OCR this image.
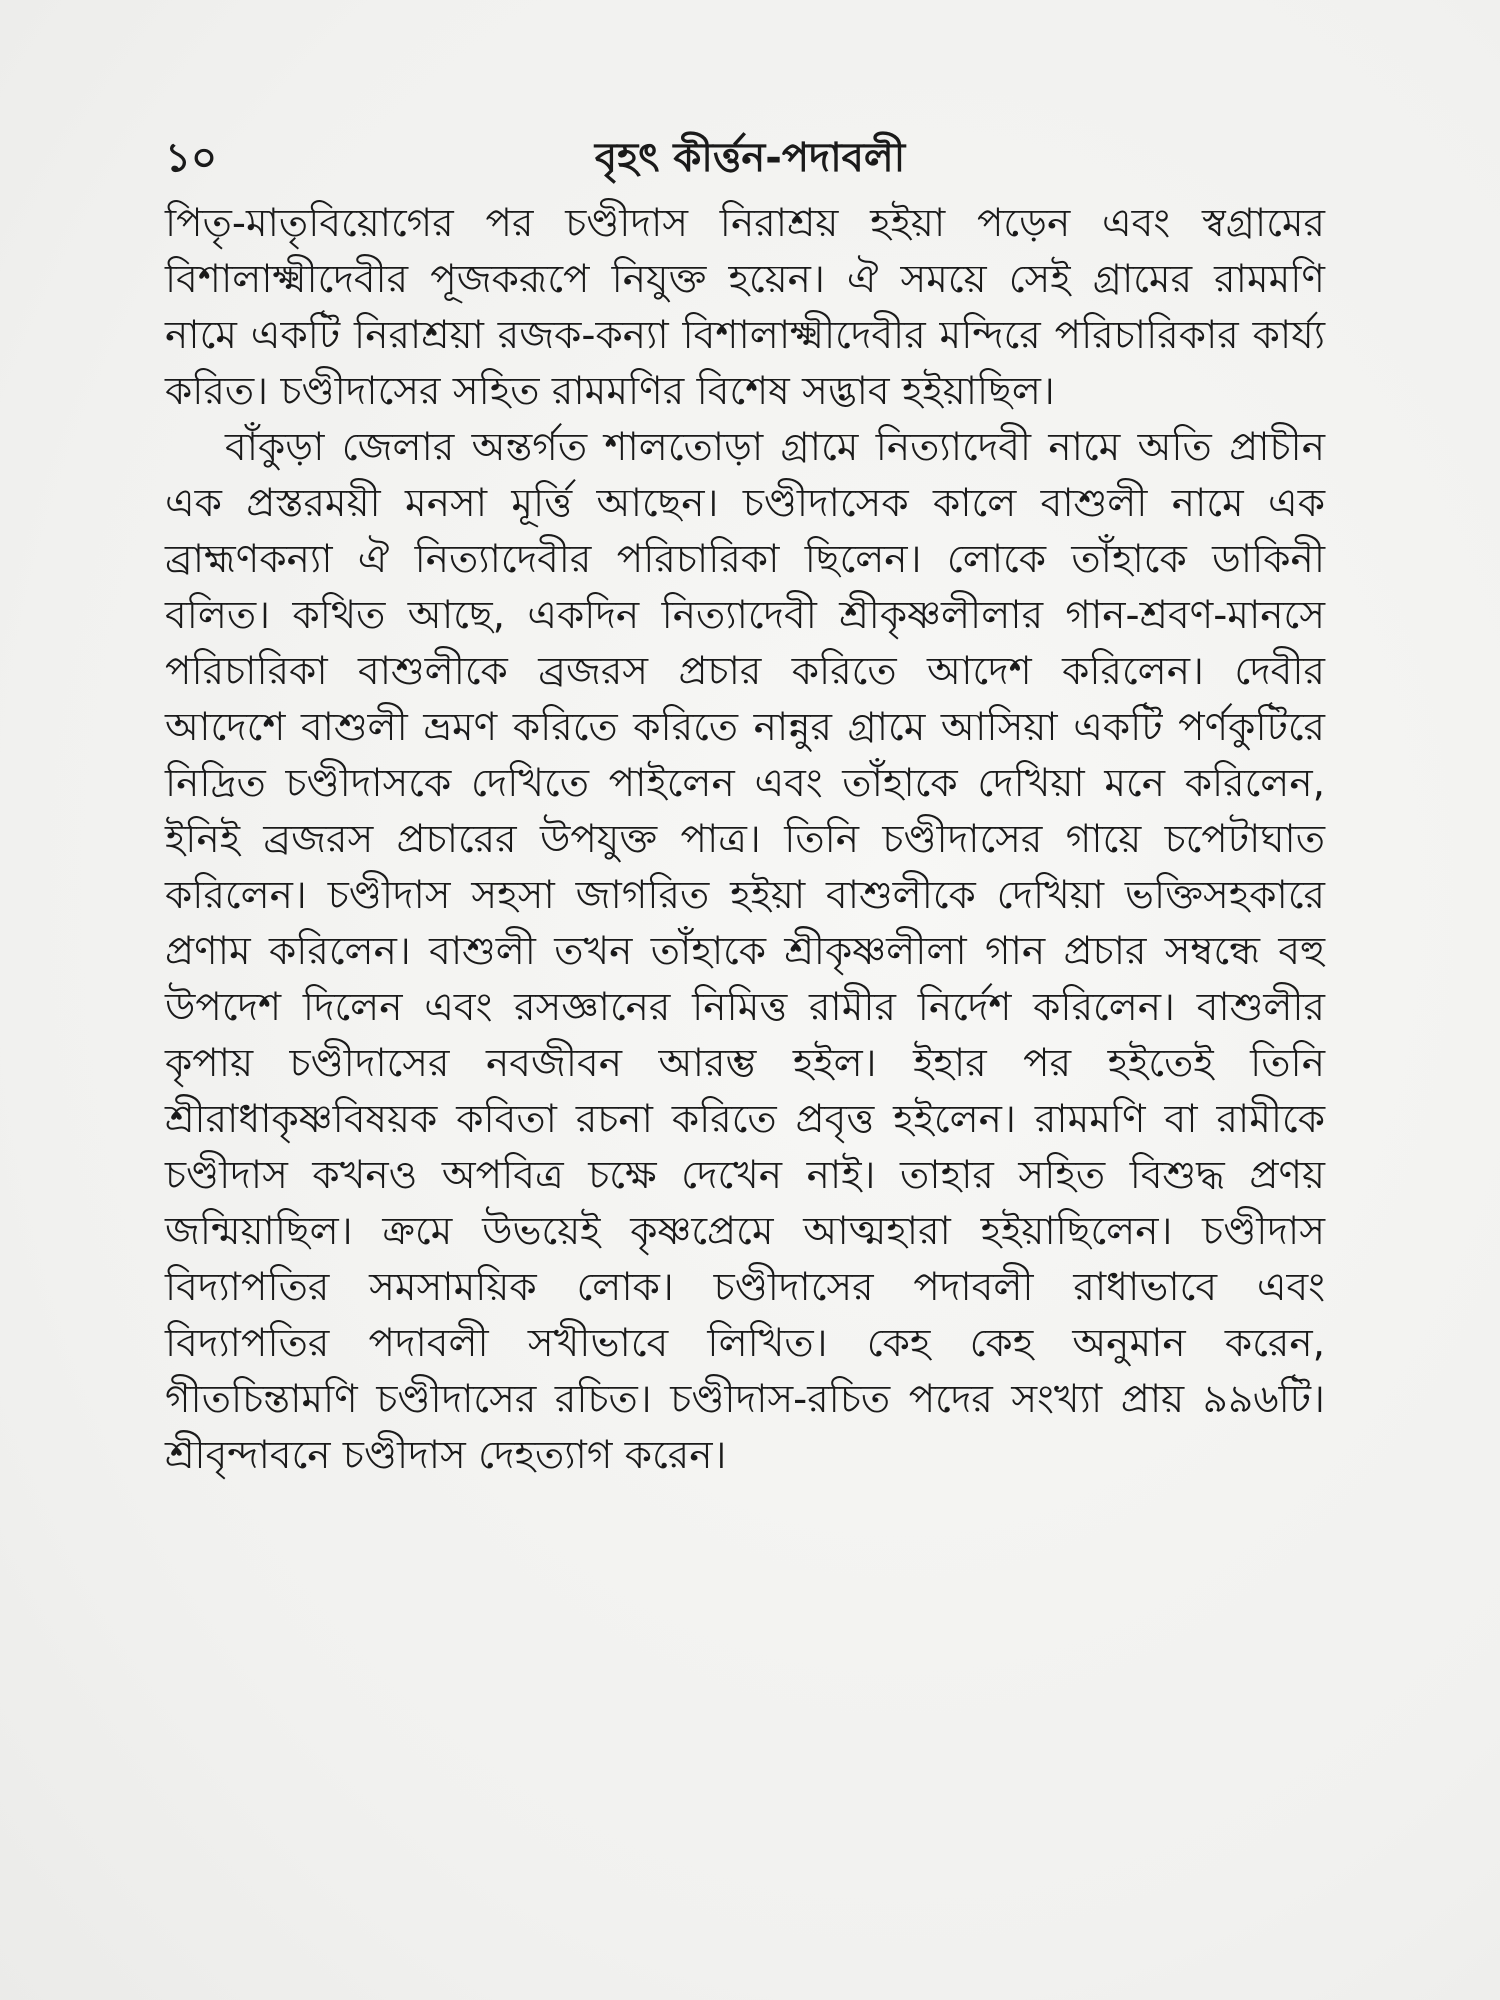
১০	বৃহৎ কীর্ত্তন-পদাবলী

পিতৃ-মাতৃবিয়োগের পর চণ্ডীদাস নিরাশ্রয় হইয়া পড়েন এবং স্বগ্রামের বিশালাক্ষ্মীদেবীর পূজকরূপে নিযুক্ত হয়েন। ঐ সময়ে সেই গ্রামের রামমণি নামে একটি নিরাশ্রয়া রজক-কন্যা বিশালাক্ষ্মীদেবীর মন্দিরে পরিচারিকার কার্য্য করিত। চণ্ডীদাসের সহিত রামমণির বিশেষ সদ্ভাব হইয়াছিল।

বাঁকুড়া জেলার অন্তর্গত শালতোড়া গ্রামে নিত্যাদেবী নামে অতি প্রাচীন এক প্রস্তরময়ী মনসা মূর্ত্তি আছেন। চণ্ডীদাসেক কালে বাশুলী নামে এক ব্রাহ্মণকন্যা ঐ নিত্যাদেবীর পরিচারিকা ছিলেন। লোকে তাঁহাকে ডাকিনী বলিত। কথিত আছে, একদিন নিত্যাদেবী শ্রীকৃষ্ণলীলার গান-শ্রবণ-মানসে পরিচারিকা বাশুলীকে ব্রজরস প্রচার করিতে আদেশ করিলেন। দেবীর আদেশে বাশুলী ভ্রমণ করিতে করিতে নান্নুর গ্রামে আসিয়া একটি পর্ণকুটিরে নিদ্রিত চণ্ডীদাসকে দেখিতে পাইলেন এবং তাঁহাকে দেখিয়া মনে করিলেন, ইনিই ব্রজরস প্রচারের উপযুক্ত পাত্র। তিনি চণ্ডীদাসের গায়ে চপেটাঘাত করিলেন। চণ্ডীদাস সহসা জাগরিত হইয়া বাশুলীকে দেখিয়া ভক্তিসহকারে প্রণাম করিলেন। বাশুলী তখন তাঁহাকে শ্রীকৃষ্ণলীলা গান প্রচার সম্বন্ধে বহু উপদেশ দিলেন এবং রসজ্ঞানের নিমিত্ত রামীর নির্দেশ করিলেন। বাশুলীর কৃপায় চণ্ডীদাসের নবজীবন আরম্ভ হইল। ইহার পর হইতেই তিনি শ্রীরাধাকৃষ্ণবিষয়ক কবিতা রচনা করিতে প্রবৃত্ত হইলেন। রামমণি বা রামীকে চণ্ডীদাস কখনও অপবিত্র চক্ষে দেখেন নাই। তাহার সহিত বিশুদ্ধ প্রণয় জন্মিয়াছিল। ক্রমে উভয়েই কৃষ্ণপ্রেমে আত্মহারা হইয়াছিলেন। চণ্ডীদাস বিদ্যাপতির সমসাময়িক লোক। চণ্ডীদাসের পদাবলী রাধাভাবে এবং বিদ্যাপতির পদাবলী সখীভাবে লিখিত। কেহ কেহ অনুমান করেন, গীতচিন্তামণি চণ্ডীদাসের রচিত। চণ্ডীদাস-রচিত পদের সংখ্যা প্রায় ৯৯৬টি। শ্রীবৃন্দাবনে চণ্ডীদাস দেহত্যাগ করেন।
